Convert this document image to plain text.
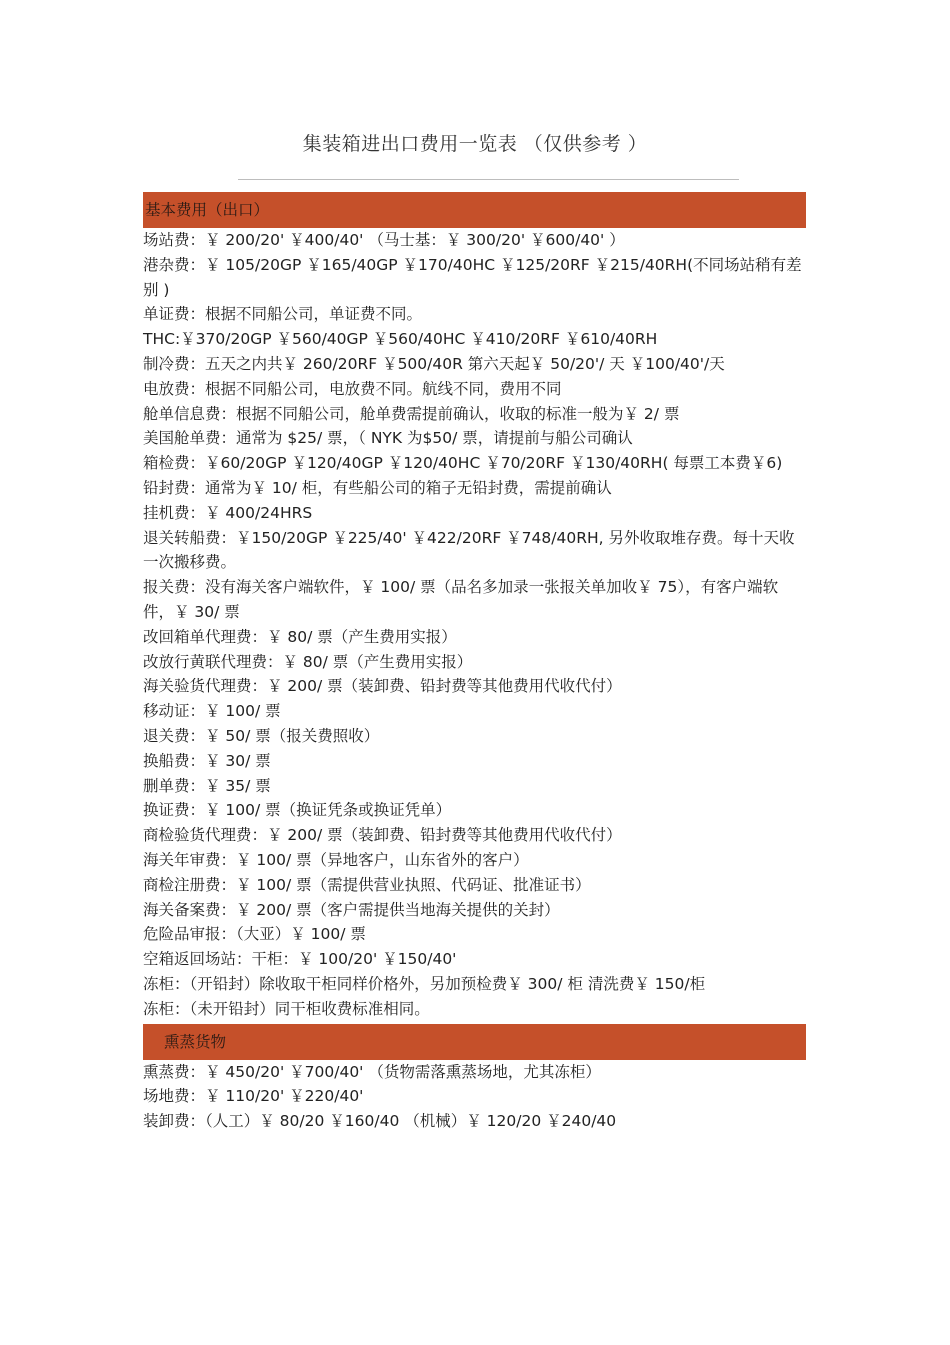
集装箱进出口费用一览表 （仅供参考 ）
基本费用（出口）
场站费：￥ 200/20' ￥400/40' （马士基：￥ 300/20' ￥600/40' ）
港杂费：￥ 105/20GP ￥165/40GP ￥170/40HC ￥125/20RF ￥215/40RH(不同场站稍有差别 )
单证费：根据不同船公司，单证费不同。
THC:￥370/20GP ￥560/40GP ￥560/40HC ￥410/20RF ￥610/40RH
制冷费：五天之内共￥ 260/20RF ￥500/40R 第六天起￥ 50/20'/ 天 ￥100/40'/天
电放费：根据不同船公司，电放费不同。航线不同，费用不同
舱单信息费：根据不同船公司，舱单费需提前确认，收取的标准一般为￥ 2/ 票
美国舱单费：通常为 $25/ 票，（ NYK 为$50/ 票，请提前与船公司确认
箱检费：￥60/20GP ￥120/40GP ￥120/40HC ￥70/20RF ￥130/40RH( 每票工本费￥6)
铅封费：通常为￥ 10/ 柜，有些船公司的箱子无铅封费，需提前确认
挂机费：￥ 400/24HRS
退关转船费：￥150/20GP ￥225/40' ￥422/20RF ￥748/40RH, 另外收取堆存费。每十天收一次搬移费。
报关费：没有海关客户端软件，￥ 100/ 票（品名多加录一张报关单加收￥ 75），有客户端软件，￥ 30/ 票
改回箱单代理费：￥ 80/ 票（产生费用实报）
改放行黄联代理费：￥ 80/ 票（产生费用实报）
海关验货代理费：￥ 200/ 票（装卸费、铅封费等其他费用代收代付）
移动证：￥ 100/ 票
退关费：￥ 50/ 票（报关费照收）
换船费：￥ 30/ 票
删单费：￥ 35/ 票
换证费：￥ 100/ 票（换证凭条或换证凭单）
商检验货代理费：￥ 200/ 票（装卸费、铅封费等其他费用代收代付）
海关年审费：￥ 100/ 票（异地客户，山东省外的客户）
商检注册费：￥ 100/ 票（需提供营业执照、代码证、批准证书）
海关备案费：￥ 200/ 票（客户需提供当地海关提供的关封）
危险品审报：（大亚）￥ 100/ 票
空箱返回场站：干柜：￥ 100/20' ￥150/40'
冻柜：（开铅封）除收取干柜同样价格外，另加预检费￥ 300/ 柜 清洗费￥ 150/柜
冻柜：（未开铅封）同干柜收费标准相同。
熏蒸货物
熏蒸费：￥ 450/20' ￥700/40' （货物需落熏蒸场地，尤其冻柜）
场地费：￥ 110/20' ￥220/40'
装卸费：（人工）￥ 80/20 ￥160/40 （机械）￥ 120/20 ￥240/40
